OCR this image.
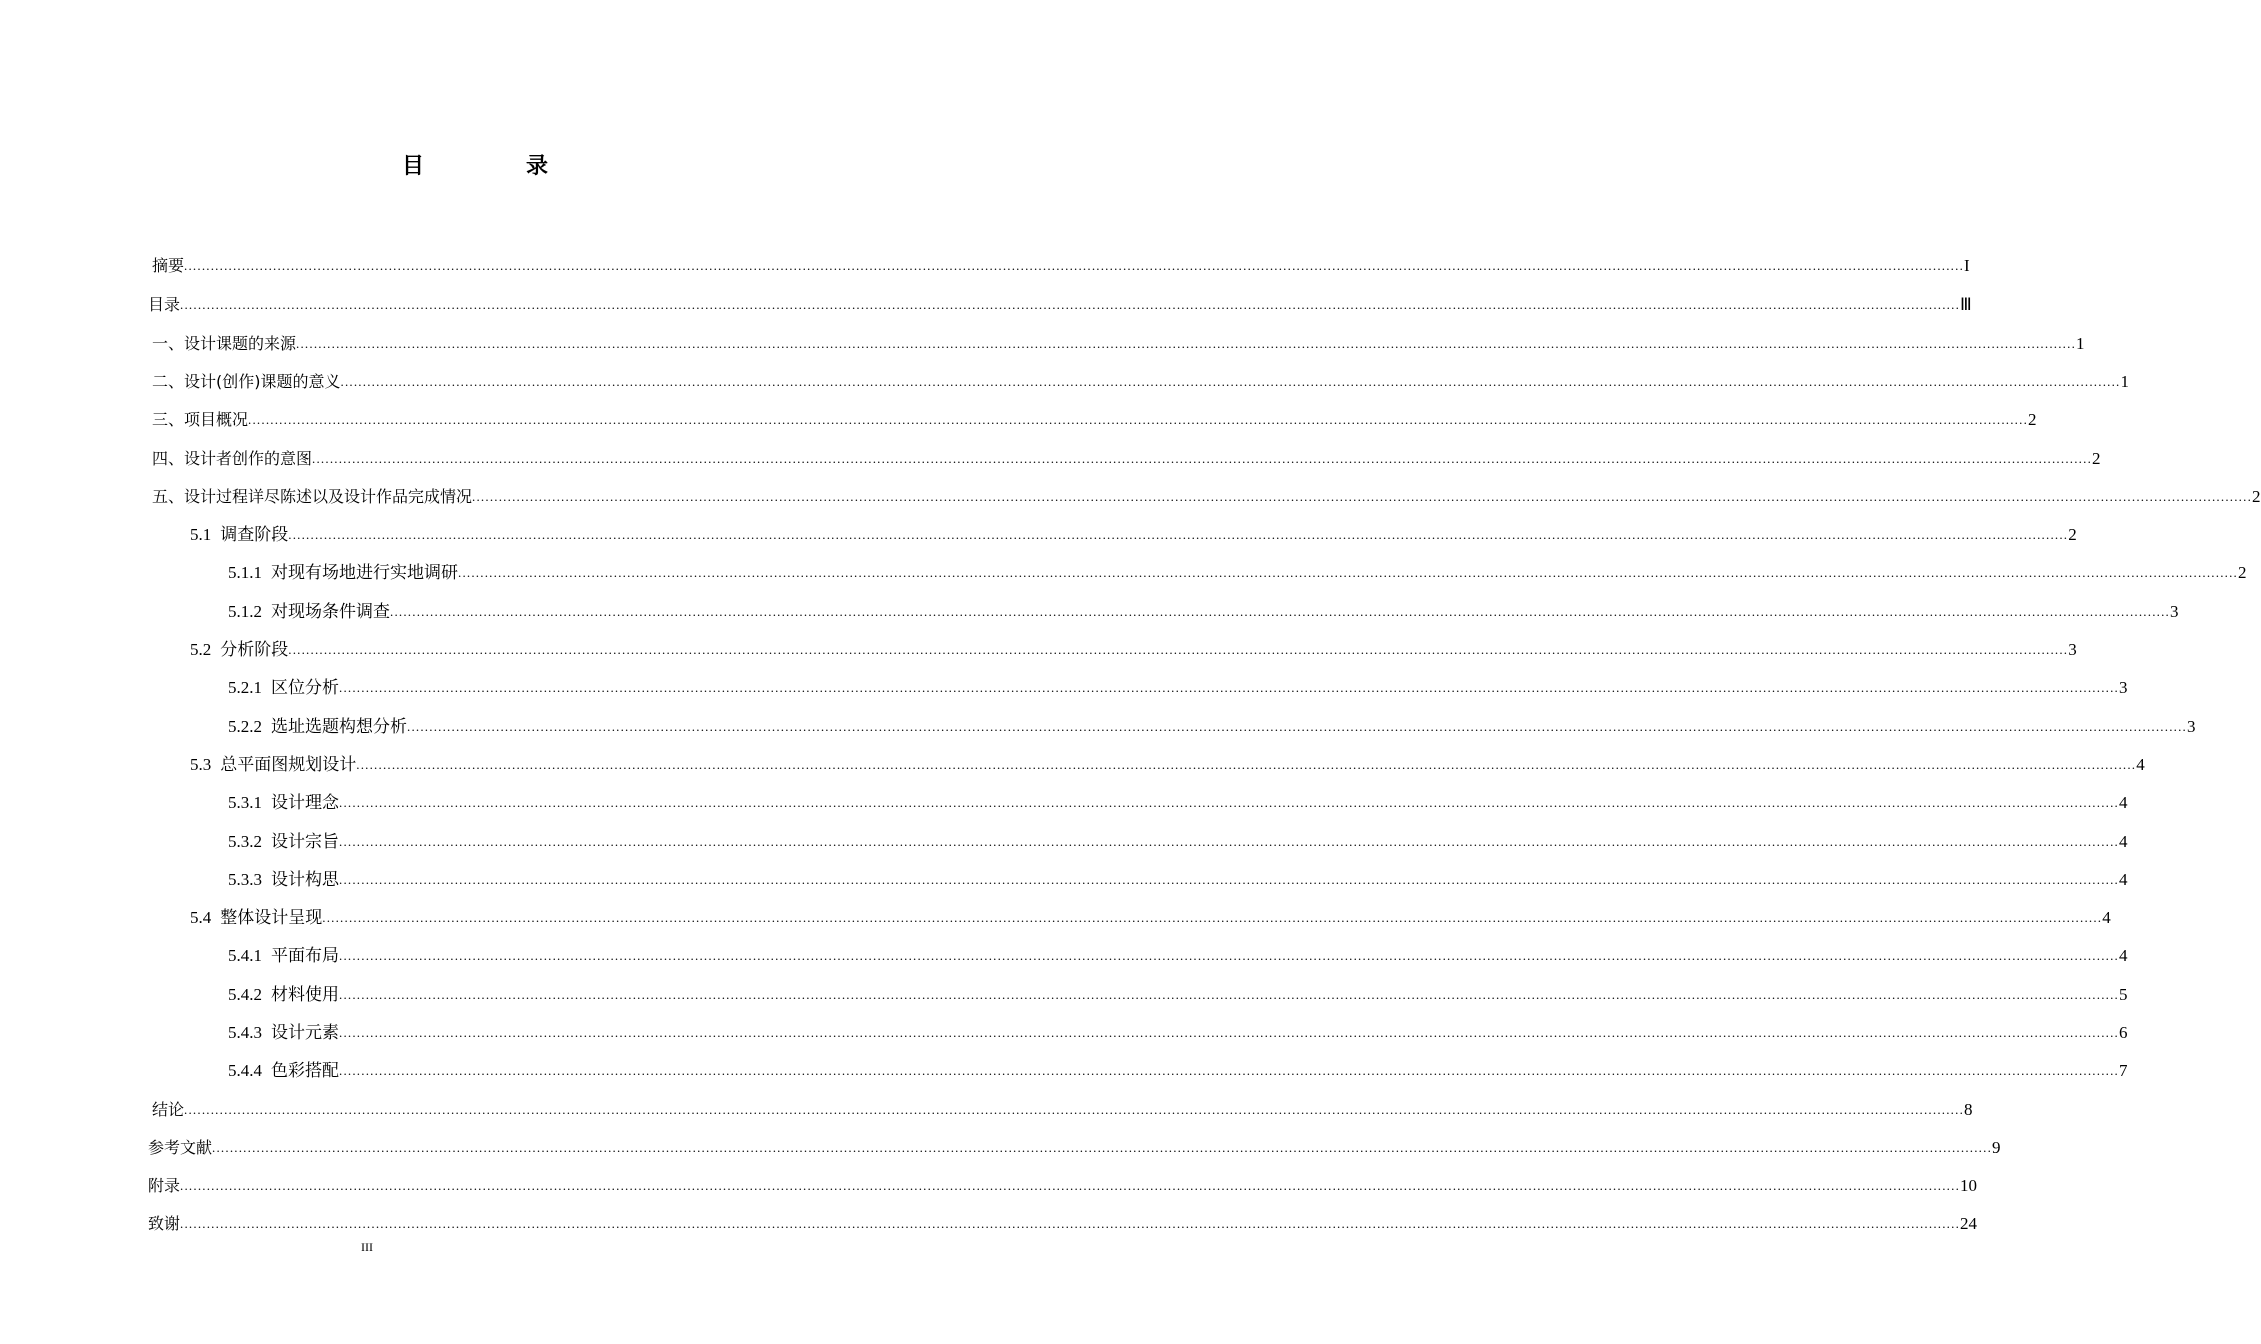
目　录
摘要 ................................................................................................................................................................................................................................................................................................................................................................................................................ I
目录 ................................................................................................................................................................................................................................................................................................................................................................................................................ Ⅲ
一、设计课题的来源 ................................................................................................................................................................................................................................................................................................................................................................................................................ 1
二、设计(创作)课题的意义 ................................................................................................................................................................................................................................................................................................................................................................................................................ 1
三、项目概况 ................................................................................................................................................................................................................................................................................................................................................................................................................ 2
四、设计者创作的意图 ................................................................................................................................................................................................................................................................................................................................................................................................................ 2
五、设计过程详尽陈述以及设计作品完成情况 ................................................................................................................................................................................................................................................................................................................................................................................................................ 2
5.1 调查阶段 ................................................................................................................................................................................................................................................................................................................................................................................................................ 2
5.1.1 对现有场地进行实地调研 ................................................................................................................................................................................................................................................................................................................................................................................................................ 2
5.1.2 对现场条件调查 ................................................................................................................................................................................................................................................................................................................................................................................................................ 3
5.2 分析阶段 ................................................................................................................................................................................................................................................................................................................................................................................................................ 3
5.2.1 区位分析 ................................................................................................................................................................................................................................................................................................................................................................................................................ 3
5.2.2 选址选题构想分析 ................................................................................................................................................................................................................................................................................................................................................................................................................ 3
5.3 总平面图规划设计 ................................................................................................................................................................................................................................................................................................................................................................................................................ 4
5.3.1 设计理念 ................................................................................................................................................................................................................................................................................................................................................................................................................ 4
5.3.2 设计宗旨 ................................................................................................................................................................................................................................................................................................................................................................................................................ 4
5.3.3 设计构思 ................................................................................................................................................................................................................................................................................................................................................................................................................ 4
5.4 整体设计呈现 ................................................................................................................................................................................................................................................................................................................................................................................................................ 4
5.4.1 平面布局 ................................................................................................................................................................................................................................................................................................................................................................................................................ 4
5.4.2 材料使用 ................................................................................................................................................................................................................................................................................................................................................................................................................ 5
5.4.3 设计元素 ................................................................................................................................................................................................................................................................................................................................................................................................................ 6
5.4.4 色彩搭配 ................................................................................................................................................................................................................................................................................................................................................................................................................ 7
结论 ................................................................................................................................................................................................................................................................................................................................................................................................................ 8
参考文献 ................................................................................................................................................................................................................................................................................................................................................................................................................ 9
附录 ................................................................................................................................................................................................................................................................................................................................................................................................................ 10
致谢 ................................................................................................................................................................................................................................................................................................................................................................................................................ 24
III
